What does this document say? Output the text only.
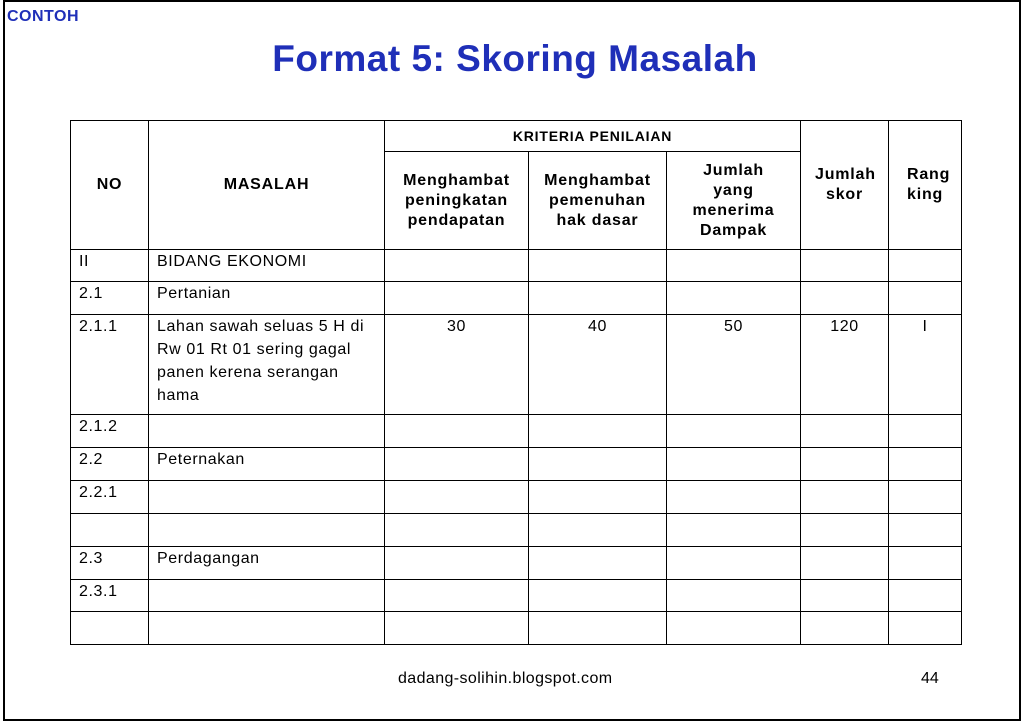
CONTOH
Format 5: Skoring Masalah
NO	MASALAH	KRITERIA PENILAIAN			Jumlah skor	Rang king
		Menghambat peningkatan pendapatan	Menghambat pemenuhan hak dasar	Jumlah yang menerima Dampak		
II	BIDANG EKONOMI					
2.1	Pertanian					
2.1.1	Lahan sawah seluas 5 H di Rw 01 Rt 01 sering gagal panen kerena serangan hama	30	40	50	120	I
2.1.2						
2.2	Peternakan					
2.2.1						

2.3	Perdagangan					
2.3.1						

dadang-solihin.blogspot.com	44
